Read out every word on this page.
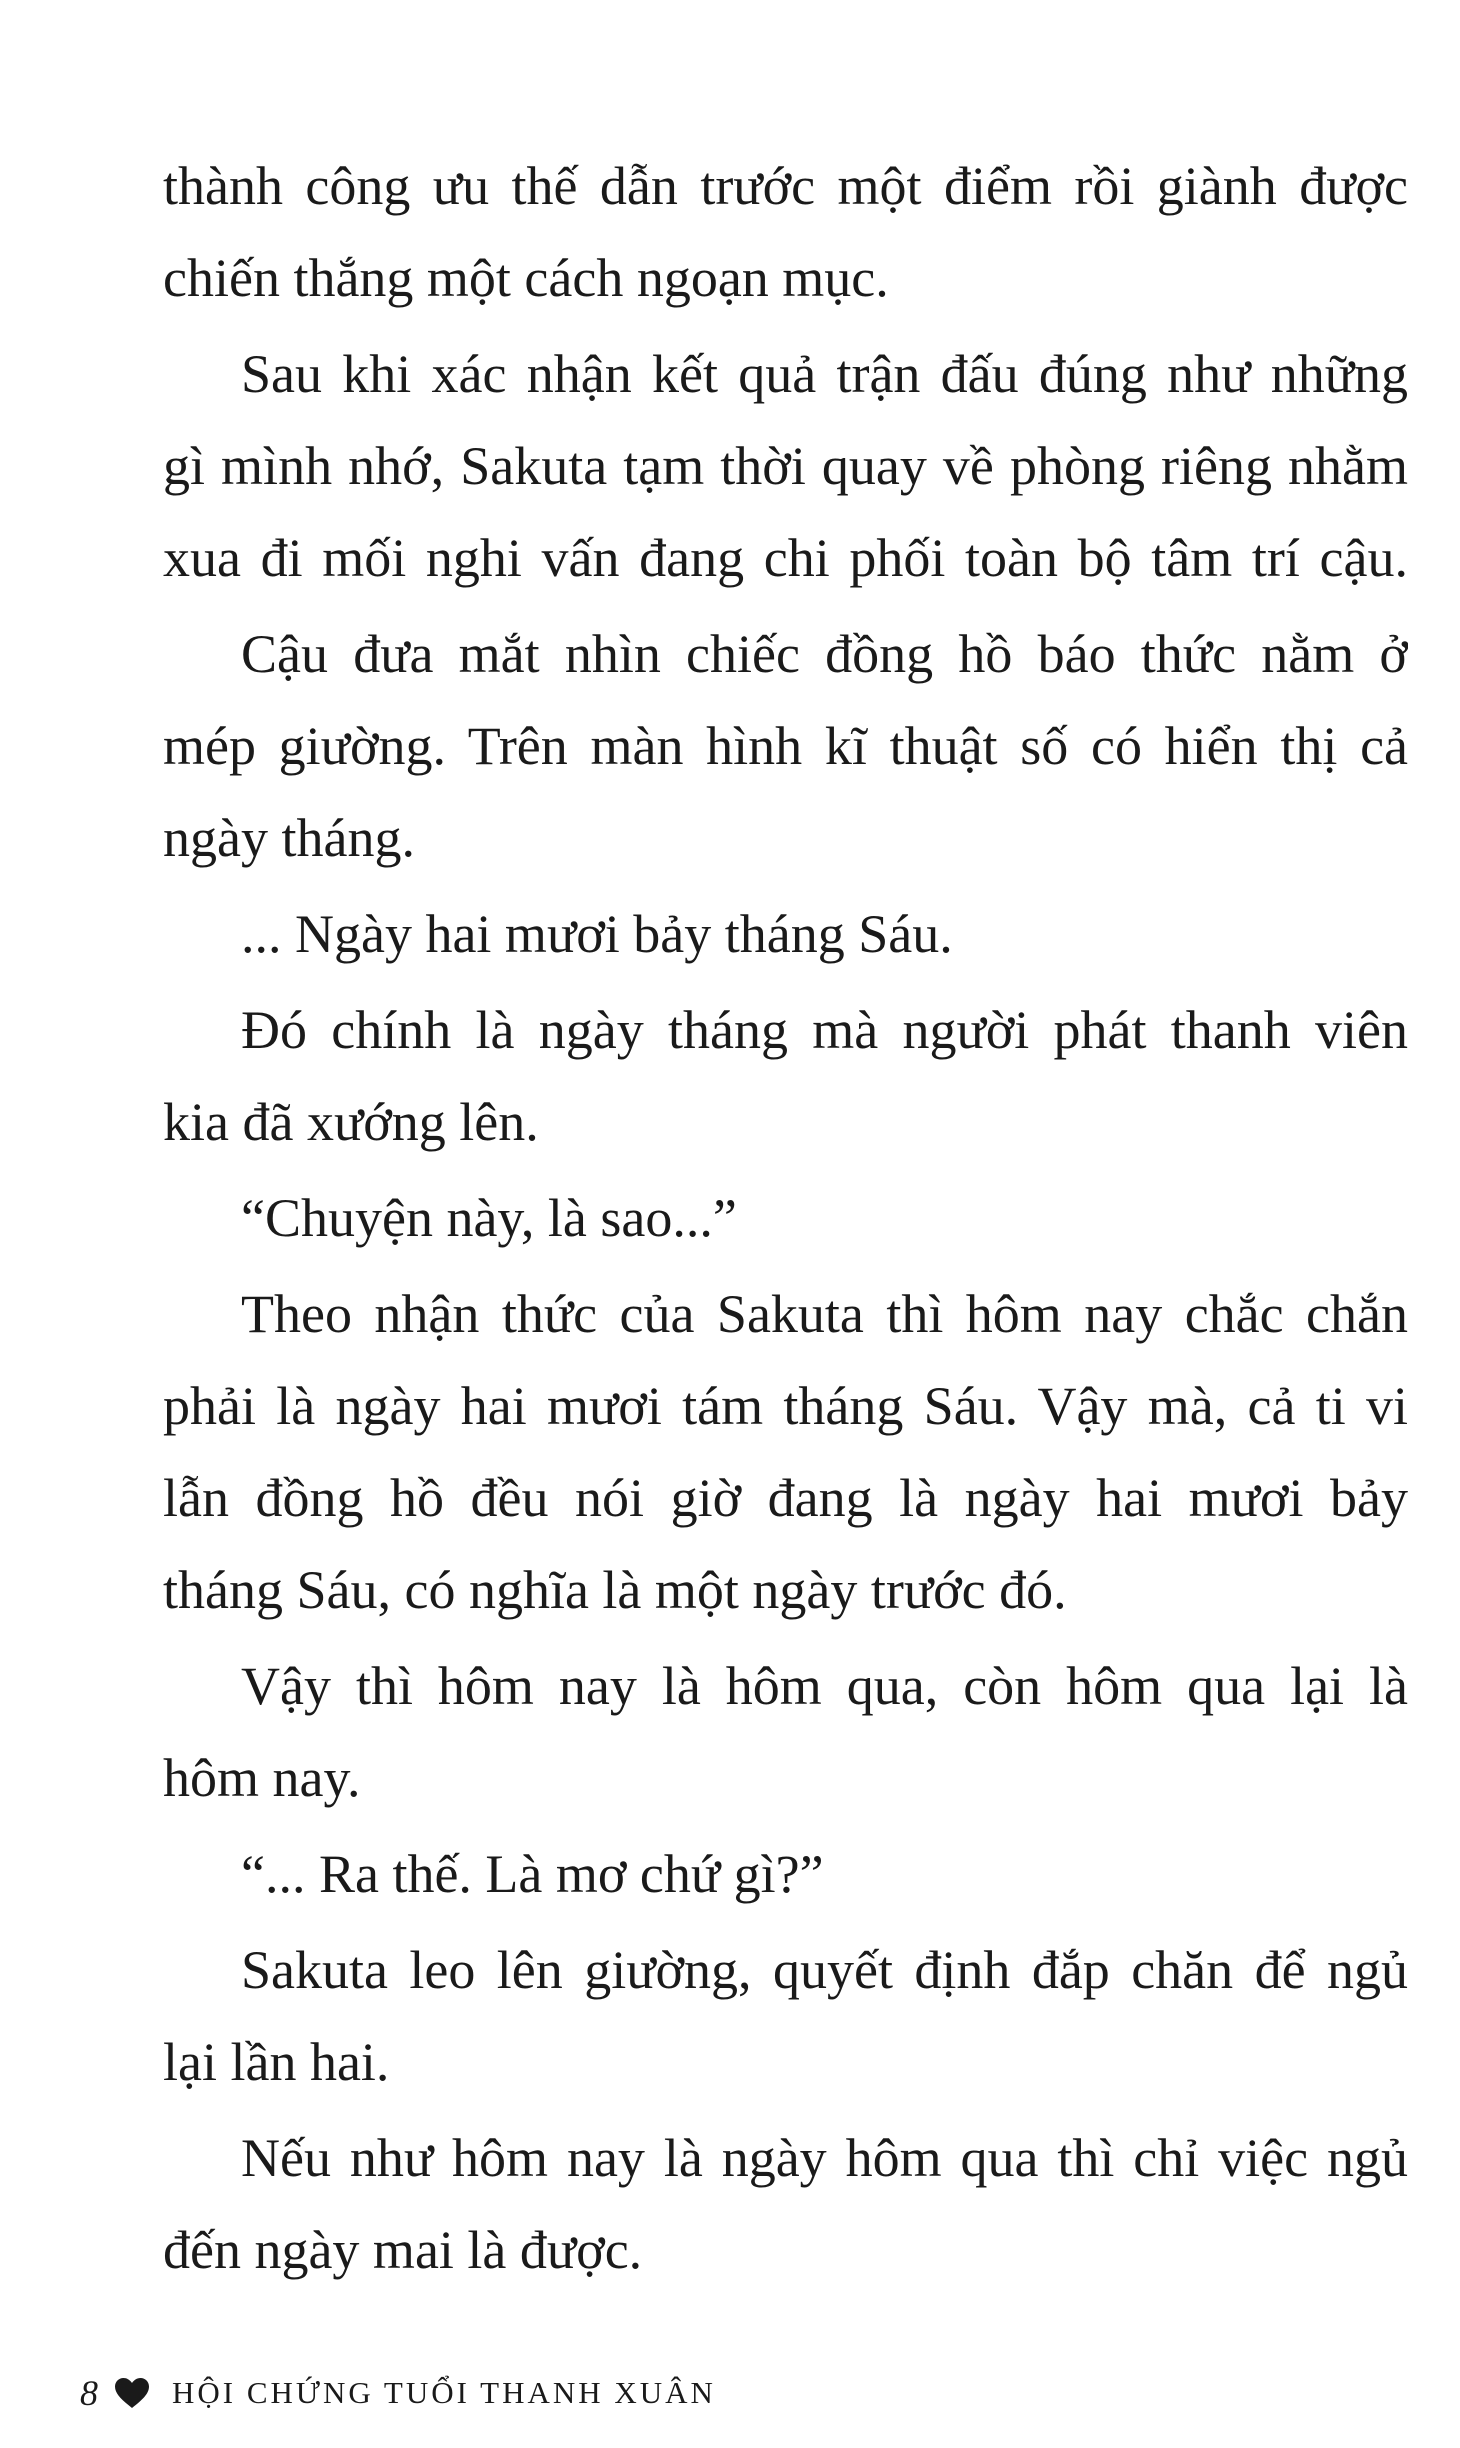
thành công ưu thế dẫn trước một điểm rồi giành được
chiến thắng một cách ngoạn mục.
Sau khi xác nhận kết quả trận đấu đúng như những
gì mình nhớ, Sakuta tạm thời quay về phòng riêng nhằm
xua đi mối nghi vấn đang chi phối toàn bộ tâm trí cậu.
Cậu đưa mắt nhìn chiếc đồng hồ báo thức nằm ở
mép giường. Trên màn hình kĩ thuật số có hiển thị cả
ngày tháng.
... Ngày hai mươi bảy tháng Sáu.
Đó chính là ngày tháng mà người phát thanh viên
kia đã xướng lên.
“Chuyện này, là sao...”
Theo nhận thức của Sakuta thì hôm nay chắc chắn
phải là ngày hai mươi tám tháng Sáu. Vậy mà, cả ti vi
lẫn đồng hồ đều nói giờ đang là ngày hai mươi bảy
tháng Sáu, có nghĩa là một ngày trước đó.
Vậy thì hôm nay là hôm qua, còn hôm qua lại là
hôm nay.
“... Ra thế. Là mơ chứ gì?”
Sakuta leo lên giường, quyết định đắp chăn để ngủ
lại lần hai.
Nếu như hôm nay là ngày hôm qua thì chỉ việc ngủ
đến ngày mai là được.
8 HỘI CHỨNG TUỔI THANH XUÂN
